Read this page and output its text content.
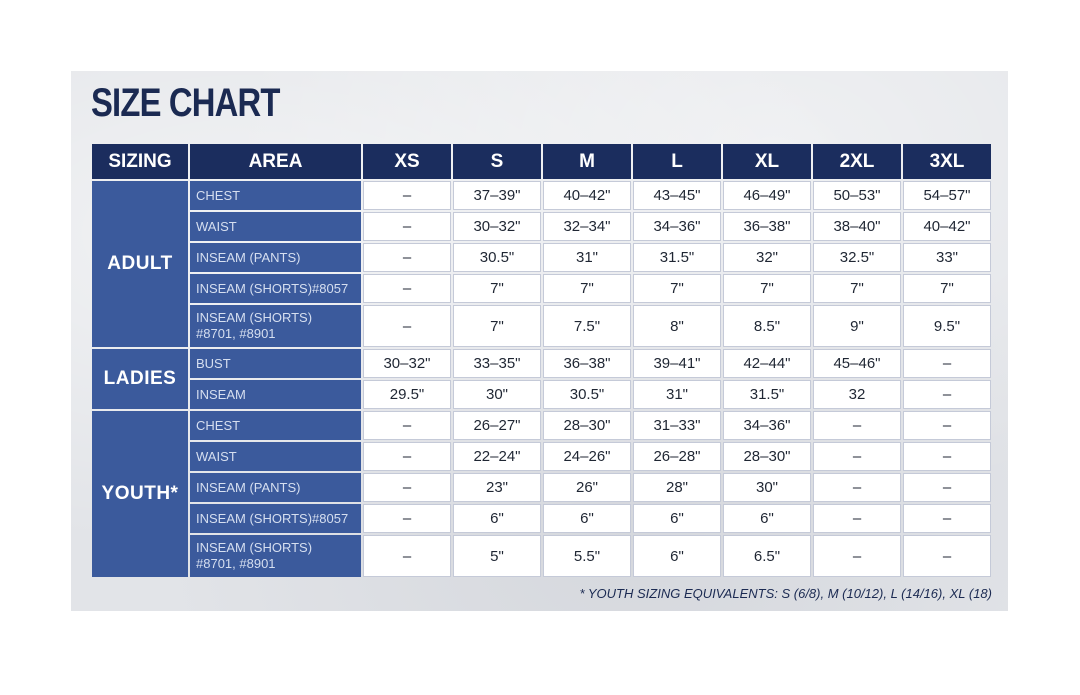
SIZE CHART
SIZING	AREA	XS	S	M	L	XL	2XL	3XL
ADULT	CHEST	–	37–39"	40–42"	43–45"	46–49"	50–53"	54–57"
	WAIST	–	30–32"	32–34"	34–36"	36–38"	38–40"	40–42"
	INSEAM (PANTS)	–	30.5"	31"	31.5"	32"	32.5"	33"
	INSEAM (SHORTS)#8057	–	7"	7"	7"	7"	7"	7"
	INSEAM (SHORTS)
#8701, #8901	–	7"	7.5"	8"	8.5"	9"	9.5"
LADIES	BUST	30–32"	33–35"	36–38"	39–41"	42–44"	45–46"	–
	INSEAM	29.5"	30"	30.5"	31"	31.5"	32	–
YOUTH*	CHEST	–	26–27"	28–30"	31–33"	34–36"	–	–
	WAIST	–	22–24"	24–26"	26–28"	28–30"	–	–
	INSEAM (PANTS)	–	23"	26"	28"	30"	–	–
	INSEAM (SHORTS)#8057	–	6"	6"	6"	6"	–	–
	INSEAM (SHORTS)
#8701, #8901	–	5"	5.5"	6"	6.5"	–	–

* YOUTH SIZING EQUIVALENTS: S (6/8), M (10/12), L (14/16), XL (18)
